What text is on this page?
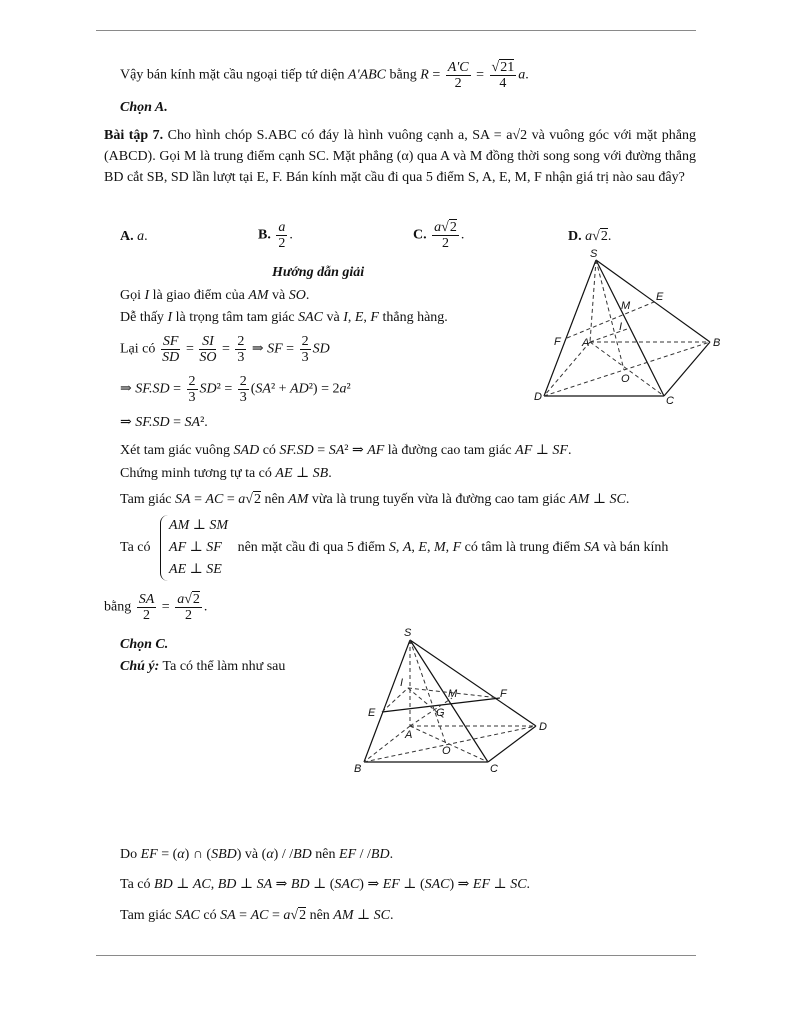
Vậy bán kính mặt cầu ngoại tiếp tứ diện A'ABC bằng $R = \frac{A'C}{2} = \frac{√21}{4} a$.
Chọn A.
Bài tập 7. Cho hình chóp S.ABC có đáy là hình vuông cạnh a, SA = a√2 và vuông góc với mặt phẳng (ABCD). Gọi M là trung điểm cạnh SC. Mặt phẳng (α) qua A và M đồng thời song song với đường thẳng BD cắt SB, SD lần lượt tại E, F. Bán kính mặt cầu đi qua 5 điểm S, A, E, M, F nhận giá trị nào sau đây?
A. a.	B. $\frac{a}{2}$ .	C. $\frac{a√2}{2}$ .	D. a√2.
Hướng dẫn giải
Gọi I là giao điểm của AM và SO.
Dễ thấy I là trọng tâm tam giác SAC và I, E, F thẳng hàng.
Lại có $\frac{SF}{SD} = \frac{SI}{SO} = \frac{2}{3}$ ⇒ SF = $\frac{2}{3}$ SD
⇒ $SF.SD = \frac{2}{3} SD^2 = \frac{2}{3} (SA^2 + AD^2) = 2a^2$
⇒ SF.SD = SA².
Xét tam giác vuông SAD có SF.SD = SA² ⇒ AF là đường cao tam giác AF ⊥ SF.
Chứng minh tương tự ta có AE ⊥ SB.
Tam giác SA = AC = a√2 nên AM vừa là trung tuyến vừa là đường cao tam giác AM ⊥ SC.
Ta có
AM ⊥ SM
AF ⊥ SF
AE ⊥ SE
nên mặt cầu đi qua 5 điểm S, A, E, M, F có tâm là trung điểm SA và bán kính
bằng $\frac{SA}{2} = \frac{a√2}{2}$ .
Chọn C.
Chú ý: Ta có thể làm như sau
S
M
E
I
F A	B
O
D	C
S
I
M	F
E	G
D
A
O
B	C
Do EF = (α) ∩ (SBD) và (α) / /BD nên EF / /BD.
Ta có BD ⊥ AC, BD ⊥ SA ⇒ BD ⊥ (SAC) ⇒ EF ⊥ (SAC) ⇒ EF ⊥ SC.
Tam giác SAC có SA = AC = a√2 nên AM ⊥ SC.
